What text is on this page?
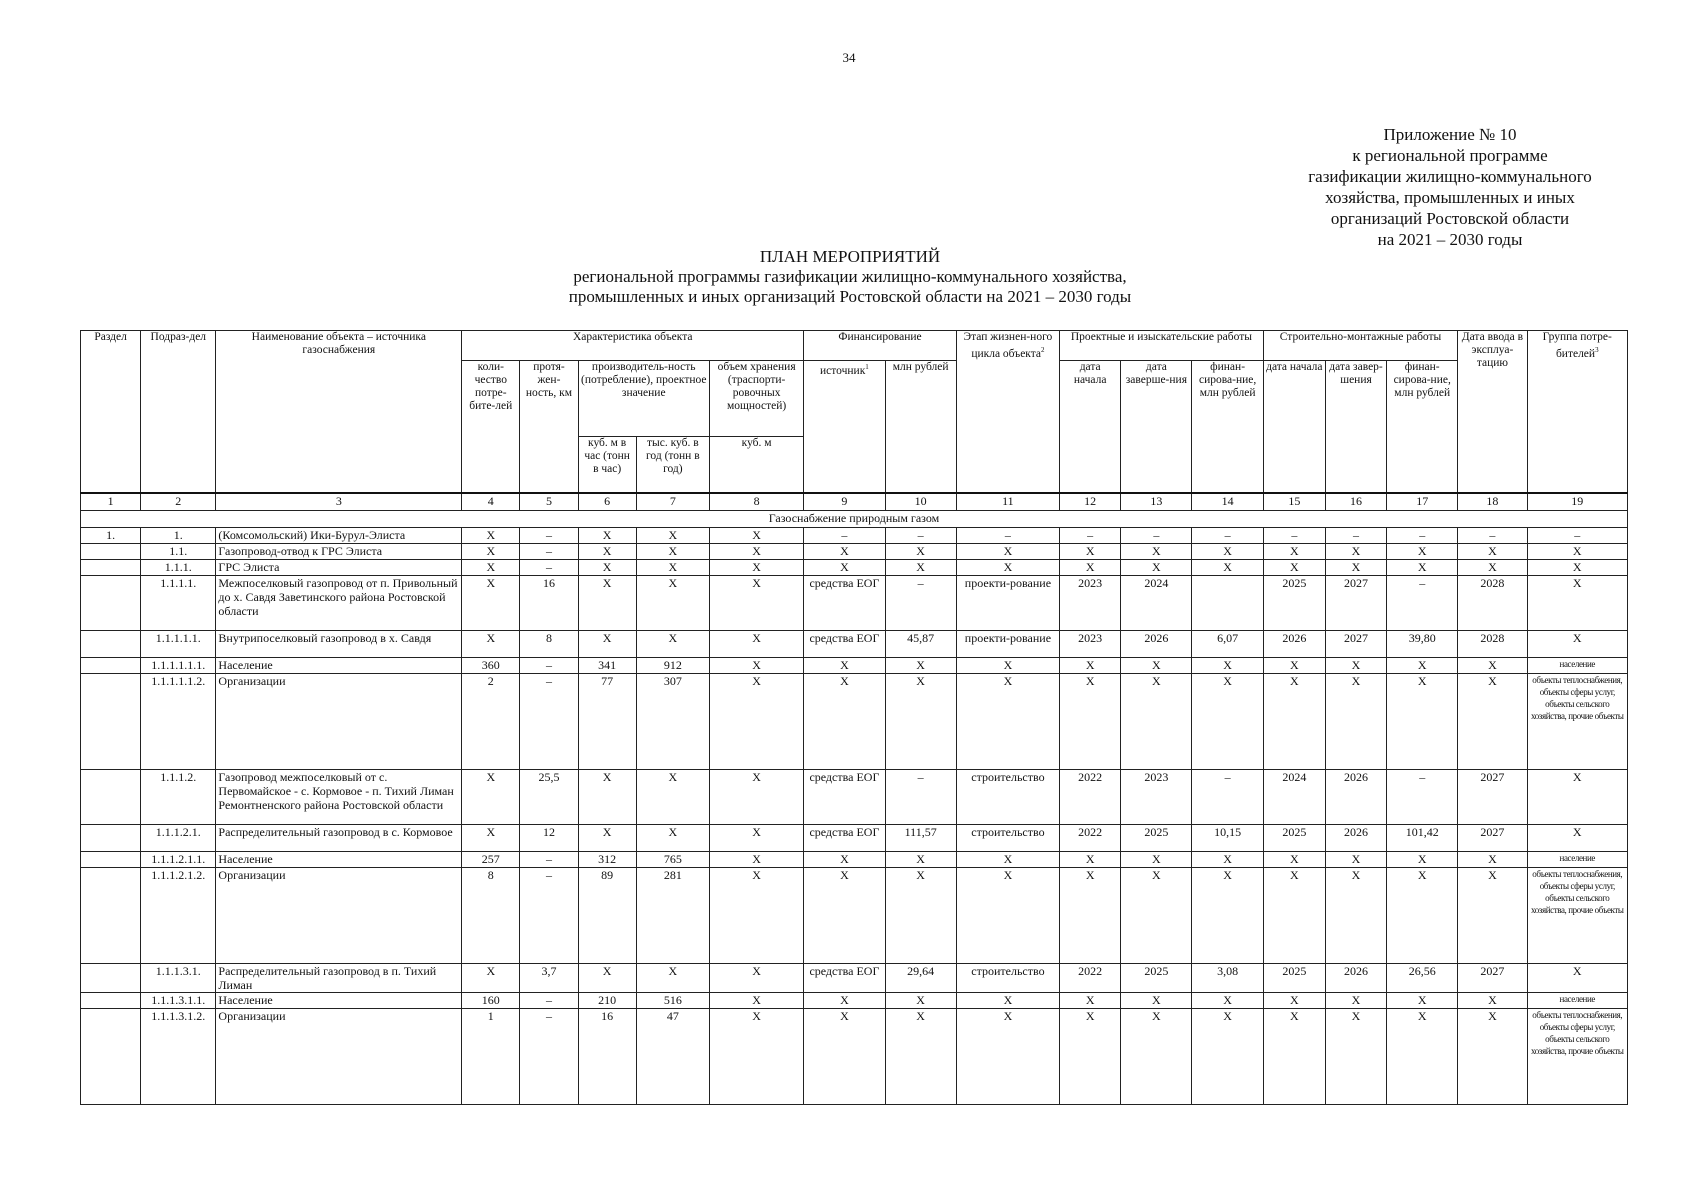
34
Приложение № 10
к региональной программе
газификации жилищно-коммунального
хозяйства, промышленных и иных
организаций Ростовской области
на 2021 – 2030 годы
ПЛАН МЕРОПРИЯТИЙ
региональной программы газификации жилищно-коммунального хозяйства,
промышленных и иных организаций Ростовской области на 2021 – 2030 годы
Раздел	Подраз-дел	Наименование объекта – источника газоснабжения	Характеристика объекта					Финансирование		Этап жизнен-ного цикла объекта$^2$	Проектные и изыскательские работы			Строительно-монтажные работы			Дата ввода в эксплуа-тацию	Группа потре-бителей$^3$
			коли-чество потре-бите-лей	протя-жен-ность, км	производитель-ность (потребление), проектное значение		объем хранения (траспорти-ровочных мощностей)	источник$^1$	млн рублей		дата начала	дата заверше-ния	финан-сирова-ние, млн рублей	дата начала	дата завер-шения	финан-сирова-ние, млн рублей		
					куб. м в час (тонн в час)	тыс. куб. в год (тонн в год)	куб. м											
1	2	3	4	5	6	7	8	9	10	11	12	13	14	15	16	17	18	19
Газоснабжение природным газом																		
1.	1.	(Комсомольский) Ики-Бурул-Элиста	Х	–	Х	Х	Х	–	–	–	–	–	–	–	–	–	–	–
	1.1.	Газопровод-отвод к ГРС Элиста	Х	–	Х	Х	Х	Х	Х	Х	Х	Х	Х	Х	Х	Х	Х	Х
	1.1.1.	ГРС Элиста	Х	–	Х	Х	Х	Х	Х	Х	Х	Х	Х	Х	Х	Х	Х	Х
	1.1.1.1.	Межпоселковый газопровод от п. Привольный до х. Савдя Заветинского района Ростовской области	Х	16	Х	Х	Х	средства ЕОГ	–	проекти-рование	2023	2024		2025	2027	–	2028	Х
	1.1.1.1.1.	Внутрипоселковый газопровод в х. Савдя	Х	8	Х	Х	Х	средства ЕОГ	45,87	проекти-рование	2023	2026	6,07	2026	2027	39,80	2028	Х
	1.1.1.1.1.1.	Население	360	–	341	912	Х	Х	Х	Х	Х	Х	Х	Х	Х	Х	Х	население
	1.1.1.1.1.2.	Организации	2	–	77	307	Х	Х	Х	Х	Х	Х	Х	Х	Х	Х	Х	объекты теплоснабжения, объекты сферы услуг, объекты сельского хозяйства, прочие объекты
	1.1.1.2.	Газопровод межпоселковый от с. Первомайское - с. Кормовое - п. Тихий Лиман Ремонтненского района Ростовской области	Х	25,5	Х	Х	Х	средства ЕОГ	–	строительство	2022	2023	–	2024	2026	–	2027	Х
	1.1.1.2.1.	Распределительный газопровод в с. Кормовое	Х	12	Х	Х	Х	средства ЕОГ	111,57	строительство	2022	2025	10,15	2025	2026	101,42	2027	Х
	1.1.1.2.1.1.	Население	257	–	312	765	Х	Х	Х	Х	Х	Х	Х	Х	Х	Х	Х	население
	1.1.1.2.1.2.	Организации	8	–	89	281	Х	Х	Х	Х	Х	Х	Х	Х	Х	Х	Х	объекты теплоснабжения, объекты сферы услуг, объекты сельского хозяйства, прочие объекты
	1.1.1.3.1.	Распределительный газопровод в п. Тихий Лиман	Х	3,7	Х	Х	Х	средства ЕОГ	29,64	строительство	2022	2025	3,08	2025	2026	26,56	2027	Х
	1.1.1.3.1.1.	Население	160	–	210	516	Х	Х	Х	Х	Х	Х	Х	Х	Х	Х	Х	население
	1.1.1.3.1.2.	Организации	1	–	16	47	Х	Х	Х	Х	Х	Х	Х	Х	Х	Х	Х	объекты теплоснабжения, объекты сферы услуг, объекты сельского хозяйства, прочие объекты
